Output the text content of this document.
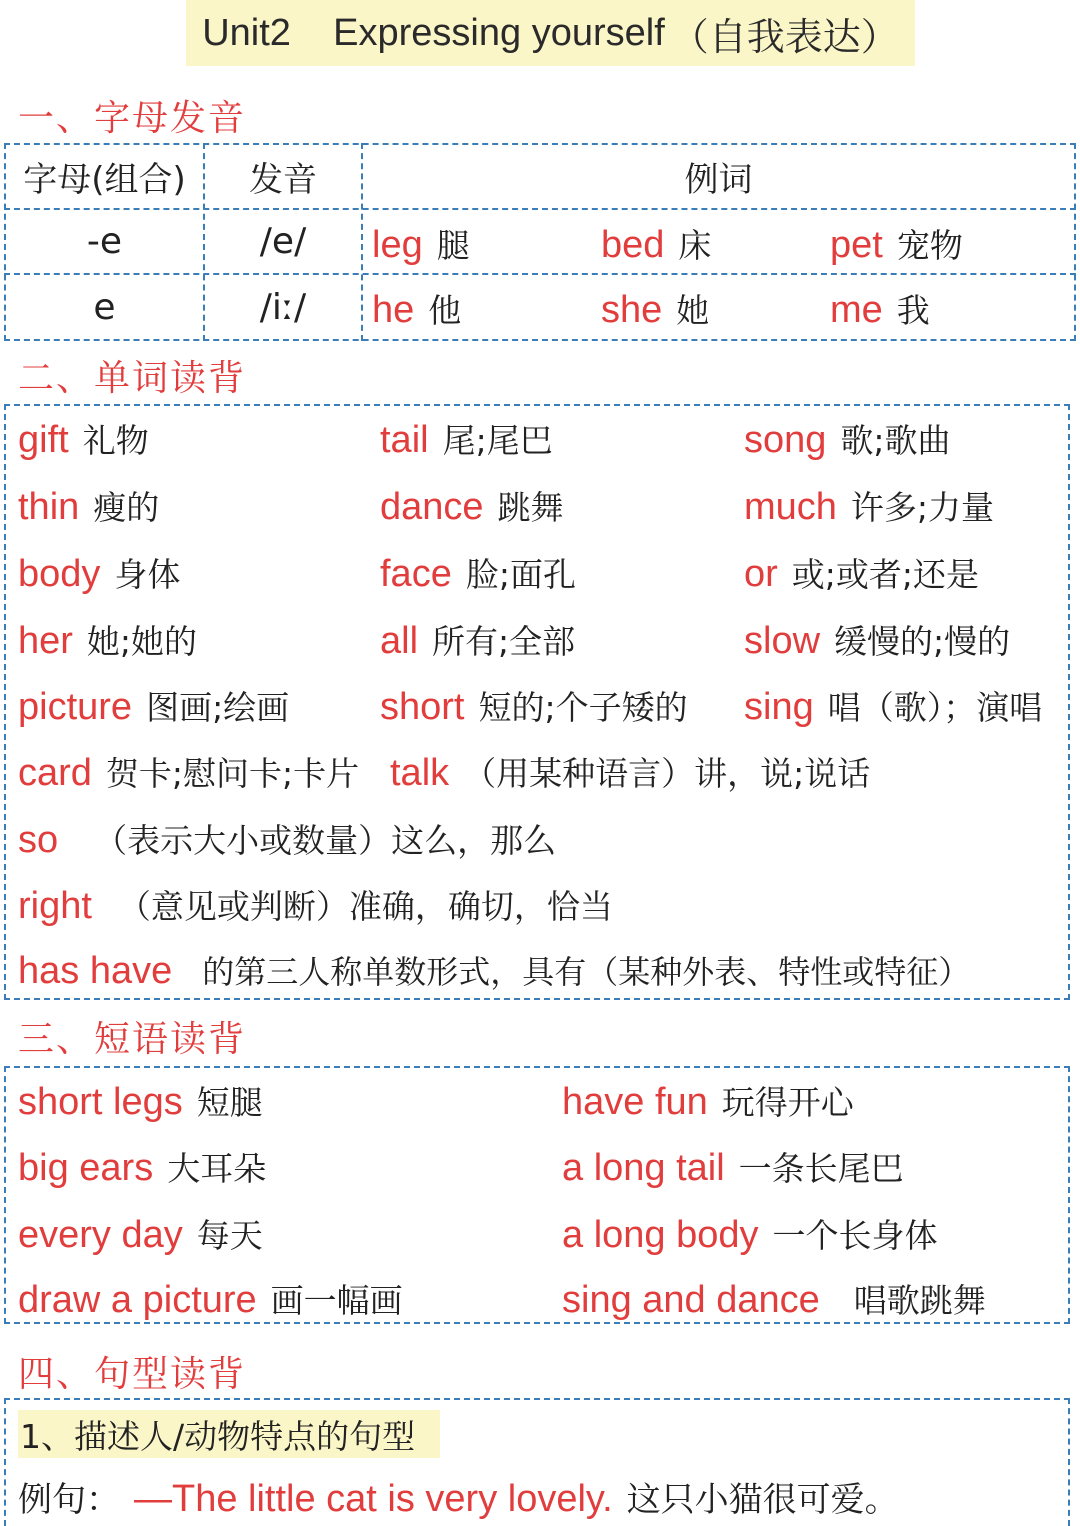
Unit2    Expressing yourself （自我表达）
一、字母发音
字母(组合)	发音	例词
-e	/e/	leg 腿	bed 床	pet 宠物
e	/iː/	he 他	she 她	me 我
二、单词读背
gift 礼物	tail 尾;尾巴	song 歌;歌曲
thin 瘦的	dance 跳舞	much 许多;力量
body 身体	face 脸;面孔	or 或;或者;还是
her 她;她的	all 所有;全部	slow 缓慢的;慢的
picture 图画;绘画 short 短的;个子矮的 sing 唱（歌）；演唱
card 贺卡;慰问卡;卡片 talk （用某种语言）讲，说;说话
so （表示大小或数量）这么，那么
right （意见或判断）准确，确切，恰当
has have 的第三人称单数形式，具有（某种外表、特性或特征）
三、短语读背
short legs 短腿	have fun 玩得开心
big ears 大耳朵	a long tail 一条长尾巴
every day 每天	a long body 一个长身体
draw a picture 画一幅画	sing and dance 唱歌跳舞
四、句型读背
1、描述人/动物特点的句型
例句： —The little cat is very lovely. 这只小猫很可爱。
